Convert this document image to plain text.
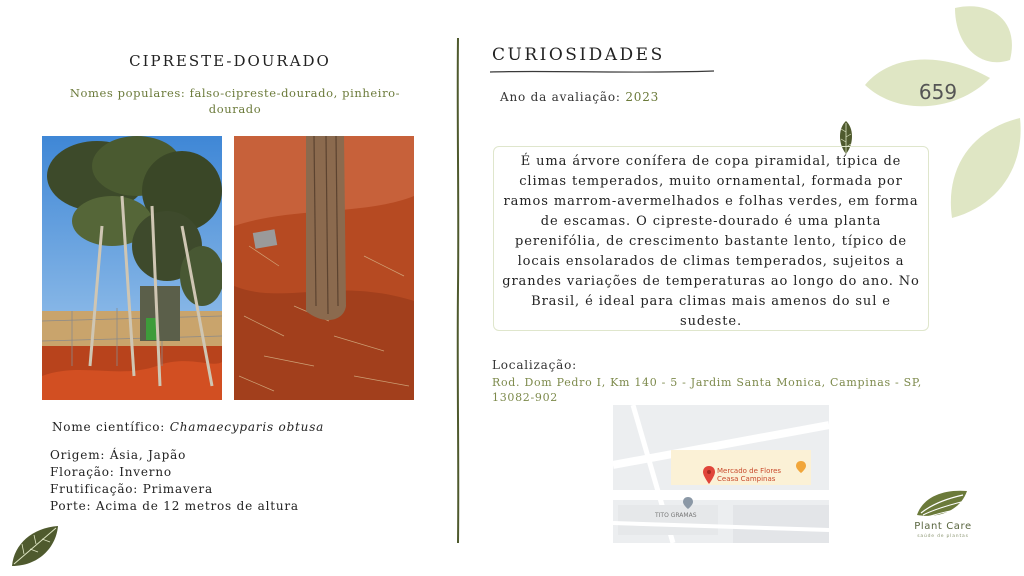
CIPRESTE-DOURADO
Nomes populares: falso-cipreste-dourado, pinheiro-dourado
Nome científico: Chamaecyparis obtusa
Origem: Ásia, Japão
Floração: Inverno
Frutificação: Primavera
Porte: Acima de 12 metros de altura
CURIOSIDADES
Ano da avaliação: 2023	659
É uma árvore conífera de copa piramidal, típica de climas temperados, muito ornamental, formada por ramos marrom-avermelhados e folhas verdes, em forma de escamas. O cipreste-dourado é uma planta perenifólia, de crescimento bastante lento, típico de locais ensolarados de climas temperados, sujeitos a grandes variações de temperaturas ao longo do ano. No Brasil, é ideal para climas mais amenos do sul e sudeste.
Localização:
Rod. Dom Pedro I, Km 140 - 5 - Jardim Santa Monica, Campinas - SP, 13082-902
Mercado de Flores
Ceasa Campinas
TITO GRAMAS
Plant Care
saúde de plantas
